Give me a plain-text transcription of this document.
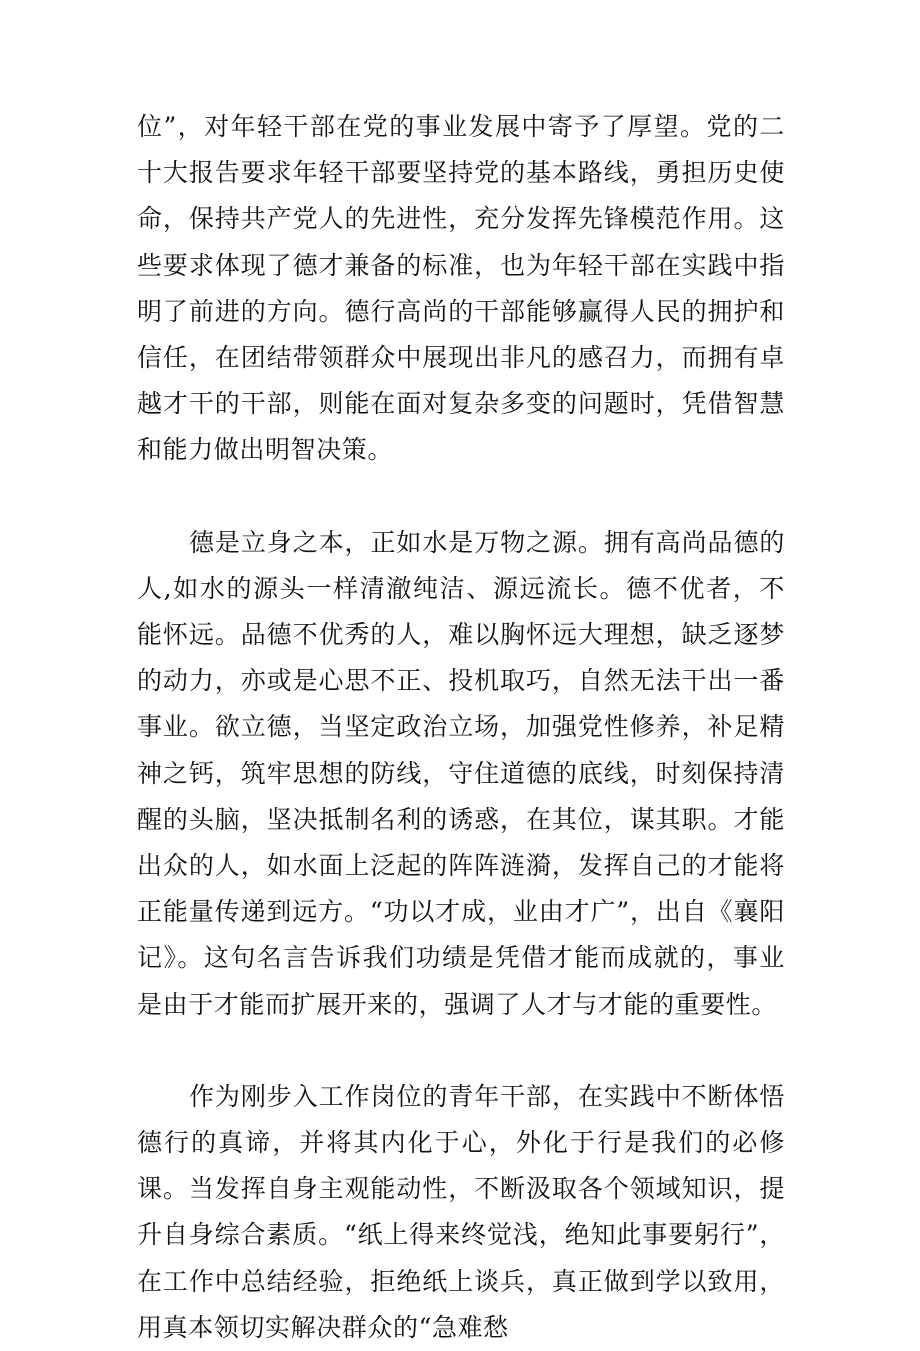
位”，对年轻干部在党的事业发展中寄予了厚望。党的二十大报告要求年轻干部要坚持党的基本路线，勇担历史使命，保持共产党人的先进性，充分发挥先锋模范作用。这些要求体现了德才兼备的标准，也为年轻干部在实践中指明了前进的方向。德行高尚的干部能够赢得人民的拥护和信任，在团结带领群众中展现出非凡的感召力，而拥有卓越才干的干部，则能在面对复杂多变的问题时，凭借智慧和能力做出明智决策。

德是立身之本，正如水是万物之源。拥有高尚品德的人,如水的源头一样清澈纯洁、源远流长。德不优者，不能怀远。品德不优秀的人，难以胸怀远大理想，缺乏逐梦的动力，亦或是心思不正、投机取巧，自然无法干出一番事业。欲立德，当坚定政治立场，加强党性修养，补足精神之钙，筑牢思想的防线，守住道德的底线，时刻保持清醒的头脑，坚决抵制名利的诱惑，在其位，谋其职。才能出众的人，如水面上泛起的阵阵涟漪，发挥自己的才能将正能量传递到远方。“功以才成，业由才广”，出自《襄阳记》。这句名言告诉我们功绩是凭借才能而成就的，事业是由于才能而扩展开来的，强调了人才与才能的重要性。

作为刚步入工作岗位的青年干部，在实践中不断体悟德行的真谛，并将其内化于心，外化于行是我们的必修课。当发挥自身主观能动性，不断汲取各个领域知识，提升自身综合素质。“纸上得来终觉浅，绝知此事要躬行”，在工作中总结经验，拒绝纸上谈兵，真正做到学以致用，用真本领切实解决群众的“急难愁
